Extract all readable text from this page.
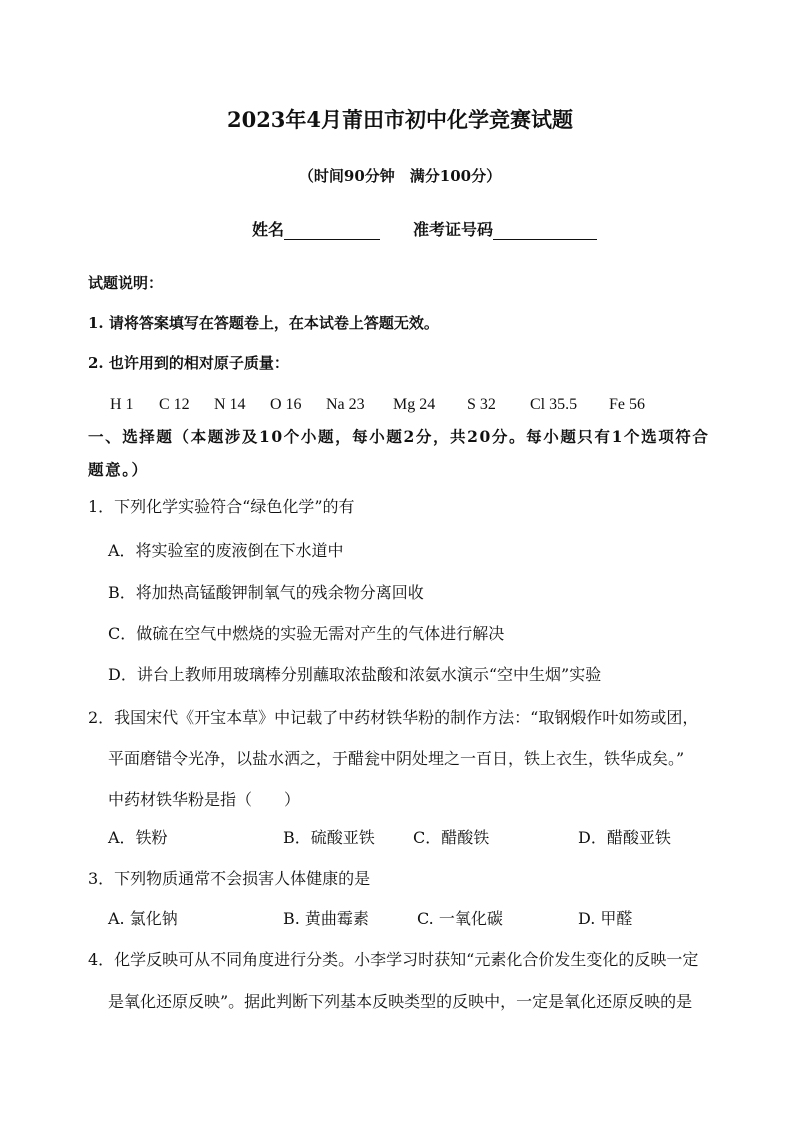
2023年4月莆田市初中化学竞赛试题
（时间90分钟　满分100分）
姓名	准考证号码
试题说明：
1. 请将答案填写在答题卷上，在本试卷上答题无效。
2. 也许用到的相对原子质量：
H 1 C 12 N 14 O 16 Na 23 Mg 24 S 32 Cl 35.5 Fe 56
一、选择题（本题涉及10个小题，每小题2分，共20分。每小题只有1个选项符合
题意。）
1．下列化学实验符合“绿色化学”的有
A．将实验室的废液倒在下水道中
B．将加热高锰酸钾制氧气的残余物分离回收
C．做硫在空气中燃烧的实验无需对产生的气体进行解决
D．讲台上教师用玻璃棒分别蘸取浓盐酸和浓氨水演示“空中生烟”实验
2．我国宋代《开宝本草》中记载了中药材铁华粉的制作方法：“取钢煅作叶如笏或团，
平面磨错令光净，以盐水洒之，于醋瓮中阴处埋之一百日，铁上衣生，铁华成矣。”
中药材铁华粉是指（　　）
A．铁粉	B．硫酸亚铁 C．醋酸铁	D．醋酸亚铁
3．下列物质通常不会损害人体健康的是
A. 氯化钠	B. 黄曲霉素	C. 一氧化碳	D. 甲醛
4．化学反映可从不同角度进行分类。小李学习时获知“元素化合价发生变化的反映一定
是氧化还原反映”。据此判断下列基本反映类型的反映中，一定是氧化还原反映的是
